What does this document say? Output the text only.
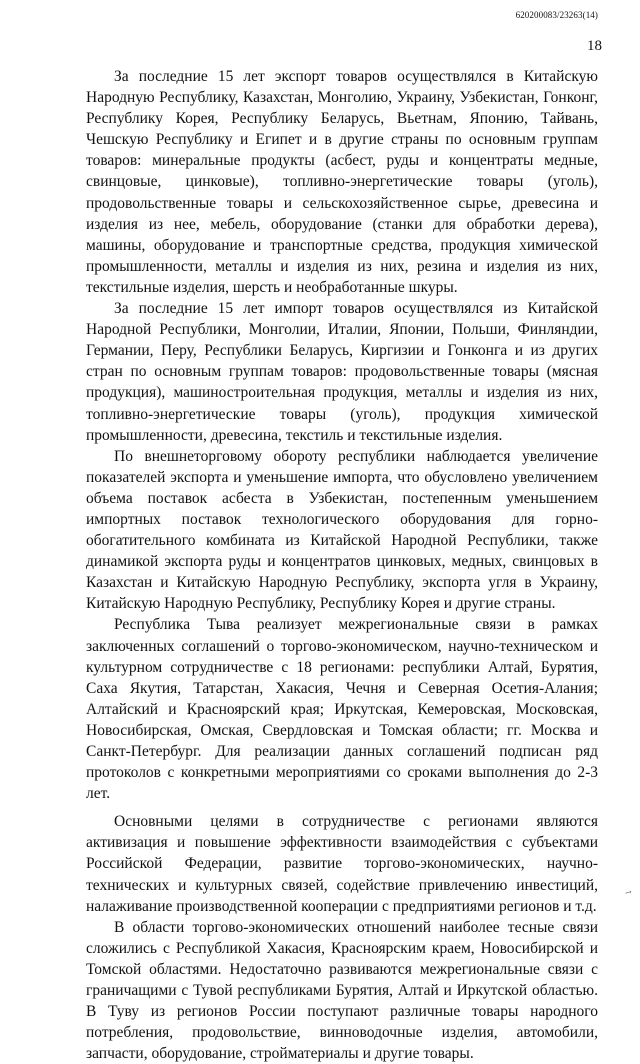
620200083/23263(14)
18

За последние 15 лет экспорт товаров осуществлялся в Китайскую Народную Республику, Казахстан, Монголию, Украину, Узбекистан, Гонконг, Республику Корея, Республику Беларусь, Вьетнам, Японию, Тайвань, Чешскую Республику и Египет и в другие страны по основным группам товаров: минеральные продукты (асбест, руды и концентраты медные, свинцовые, цинковые), топливно-энергетические товары (уголь), продовольственные товары и сельскохозяйственное сырье, древесина и изделия из нее, мебель, оборудование (станки для обработки дерева), машины, оборудование и транспортные средства, продукция химической промышленности, металлы и изделия из них, резина и изделия из них, текстильные изделия, шерсть и необработанные шкуры.

За последние 15 лет импорт товаров осуществлялся из Китайской Народной Республики, Монголии, Италии, Японии, Польши, Финляндии, Германии, Перу, Республики Беларусь, Киргизии и Гонконга и из других стран по основным группам товаров: продовольственные товары (мясная продукция), машиностроительная продукция, металлы и изделия из них, топливно-энергетические товары (уголь), продукция химической промышленности, древесина, текстиль и текстильные изделия.

По внешнеторговому обороту республики наблюдается увеличение показателей экспорта и уменьшение импорта, что обусловлено увеличением объема поставок асбеста в Узбекистан, постепенным уменьшением импортных поставок технологического оборудования для горно-обогатительного комбината из Китайской Народной Республики, также динамикой экспорта руды и концентратов цинковых, медных, свинцовых в Казахстан и Китайскую Народную Республику, экспорта угля в Украину, Китайскую Народную Республику, Республику Корея и другие страны.

Республика Тыва реализует межрегиональные связи в рамках заключенных соглашений о торгово-экономическом, научно-техническом и культурном сотрудничестве с 18 регионами: республики Алтай, Бурятия, Саха Якутия, Татарстан, Хакасия, Чечня и Северная Осетия-Алания; Алтайский и Красноярский края; Иркутская, Кемеровская, Московская, Новосибирская, Омская, Свердловская и Томская области; гг. Москва и Санкт-Петербург. Для реализации данных соглашений подписан ряд протоколов с конкретными мероприятиями со сроками выполнения до 2-3 лет.

Основными целями в сотрудничестве с регионами являются активизация и повышение эффективности взаимодействия с субъектами Российской Федерации, развитие торгово-экономических, научно-технических и культурных связей, содействие привлечению инвестиций, налаживание производственной кооперации с предприятиями регионов и т.д.

В области торгово-экономических отношений наиболее тесные связи сложились с Республикой Хакасия, Красноярским краем, Новосибирской и Томской областями. Недостаточно развиваются межрегиональные связи с граничащими с Тувой республиками Бурятия, Алтай и Иркутской областью. В Туву из регионов России поступают различные товары народного потребления, продовольствие, винноводочные изделия, автомобили, запчасти, оборудование, стройматериалы и другие товары.

↘
